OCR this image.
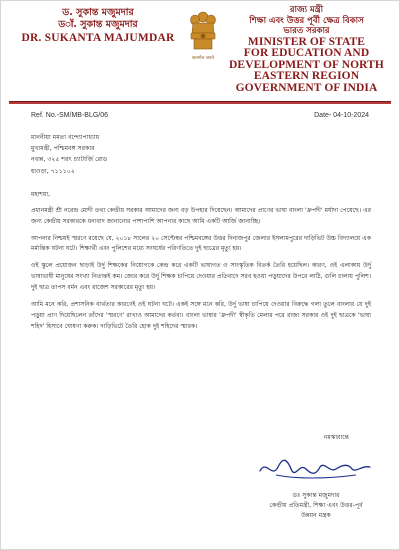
ড. সুকান্ত মজুমদার
ডॉ. সুকান্ত মজুমদার
DR. SUKANTA MAJUMDAR
सत्यमेव जयते
রাজ্য মন্ত্রী
শিক্ষা এবং উত্তর পূর্বী ক্ষেত্র বিকাস
ভারত সরকার
MINISTER OF STATE
FOR EDUCATION AND
DEVELOPMENT OF NORTH
EASTERN REGION
GOVERNMENT OF INDIA
Ref. No.-SM/MB-BLG/06	Date- 04-10-2024
মাননীয়া মমতা বন্দ্যোপাধ্যায়
মুখ্যমন্ত্রী, পশ্চিমবঙ্গ সরকার
নবান্ন, ৩২৫ শরৎ চ্যাটার্জি রোড
হাওড়া, ৭১১১০২

মহাশয়া,

প্রধানমন্ত্রী শ্রী নরেন্দ্র মোদী তথা কেন্দ্রীয় সরকার আমাদের জন্য বড় উপহার দিয়েছেন। আমাদের প্রাণের ভাষা বাংলা 'ধ্রুপদী' মর্যাদা পেয়েছে। এর জন্য কেন্দ্রীয় সরকারকে ধন্যবাদ জানানোর পাশাপাশি আপনার কাছে আমি একটি আর্জি জানাচ্ছি।

আপনার নিশ্চয়ই স্মরণে রয়েছে যে, ২০১৮ সালের ২০ সেপ্টেম্বর পশ্চিমবঙ্গের উত্তর দিনাজপুর জেলার ইসলামপুরের দাড়িভিট উচ্চ বিদ্যালয়ে এক মর্মান্তিক ঘটনা ঘটে। শিক্ষার্থী এবং পুলিশের মধ্যে সংঘর্ষের পরিণতিতে দুই ছাত্রের মৃত্যু হয়।

ওই স্কুলে প্রয়োজন ছাড়াই উর্দু শিক্ষকের নিয়োগকে কেন্দ্র করে একটি ভাষাগত ও সাংস্কৃতিক বিতর্ক তৈরি হয়েছিল। কারণ, ওই এলাকায় উর্দু ভাষাভাষী মানুষের সংখ্যা নিতান্তই কম। জোর করে উর্দু শিক্ষক চাপিয়ে দেওয়ার প্রতিবাদে সরব হওয়া পড়ুয়াদের উপরে লাঠি, গুলি চালায় পুলিশ। দুই ছাত্র তাপস বর্মন এবং রাজেশ সরকারের মৃত্যু হয়।

আমি মনে করি, প্রশাসনিক ব্যর্থতার কারণেই ওই ঘটনা ঘটে। একই সঙ্গে মনে করি, উর্দু ভাষা চাপিয়ে দেওয়ার বিরুদ্ধে গলা তুলে বাংলার যে দুই পড়ুয়া প্রাণ দিয়েছিলেন তাঁদের 'স্মরণে' রাখাও আমাদের কর্তব্য। বাংলা ভাষার 'ধ্রুপদী' স্বীকৃতি মেলার পরে রাজ্য সরকার ওই দুই ছাত্রকে 'ভাষা শহিদ' হিসাবে ঘোষণা করুক। দাড়িভিটে তৈরি হোক দুই শহিদের স্মারক।

নমস্কারান্তে
ডঃ সুকান্ত মজুমদার
কেন্দ্রীয় প্রতিমন্ত্রী, শিক্ষা এবং উত্তর-পূর্ব
উন্নয়ন মন্ত্রক
